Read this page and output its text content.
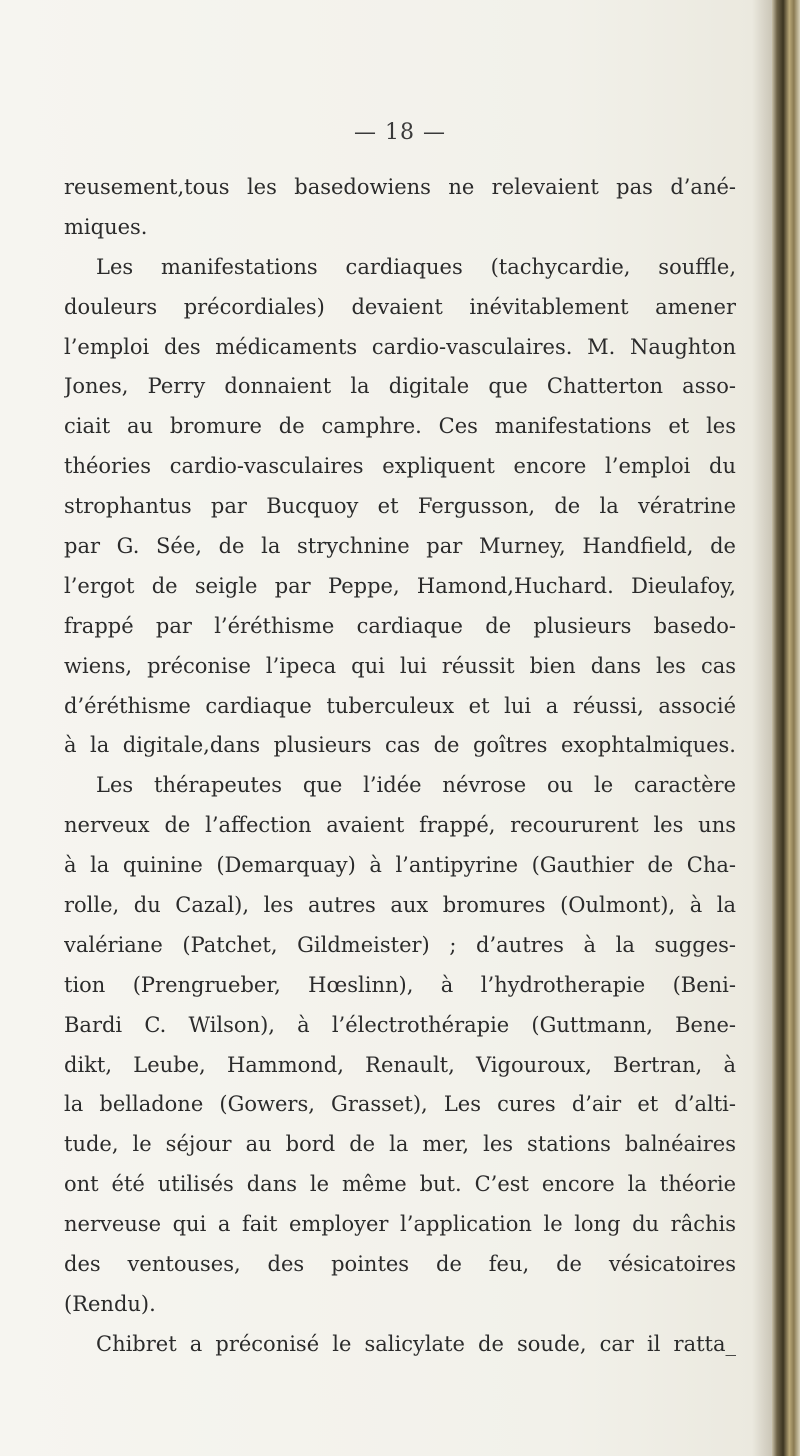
— 18 —
reusement,tous les basedowiens ne relevaient pas d’ané-
miques.
Les manifestations cardiaques (tachycardie, souffle,
douleurs précordiales) devaient inévitablement amener
l’emploi des médicaments cardio-vasculaires. M. Naughton
Jones, Perry donnaient la digitale que Chatterton asso-
ciait au bromure de camphre. Ces manifestations et les
théories cardio-vasculaires expliquent encore l’emploi du
strophantus par Bucquoy et Fergusson, de la vératrine
par G. Sée, de la strychnine par Murney, Handfield, de
l’ergot de seigle par Peppe, Hamond,Huchard. Dieulafoy,
frappé par l’éréthisme cardiaque de plusieurs basedo-
wiens, préconise l’ipeca qui lui réussit bien dans les cas
d’éréthisme cardiaque tuberculeux et lui a réussi, associé
à la digitale,dans plusieurs cas de goîtres exophtalmiques.
Les thérapeutes que l’idée névrose ou le caractère
nerveux de l’affection avaient frappé, recoururent les uns
à la quinine (Demarquay) à l’antipyrine (Gauthier de Cha-
rolle, du Cazal), les autres aux bromures (Oulmont), à la
valériane (Patchet, Gildmeister) ; d’autres à la sugges-
tion (Prengrueber, Hœslinn), à l’hydrotherapie (Beni-
Bardi C. Wilson), à l’électrothérapie (Guttmann, Bene-
dikt, Leube, Hammond, Renault, Vigouroux, Bertran, à
la belladone (Gowers, Grasset), Les cures d’air et d’alti-
tude, le séjour au bord de la mer, les stations balnéaires
ont été utilisés dans le même but. C’est encore la théorie
nerveuse qui a fait employer l’application le long du râchis
des ventouses, des pointes de feu, de vésicatoires
(Rendu).
Chibret a préconisé le salicylate de soude, car il ratta_
